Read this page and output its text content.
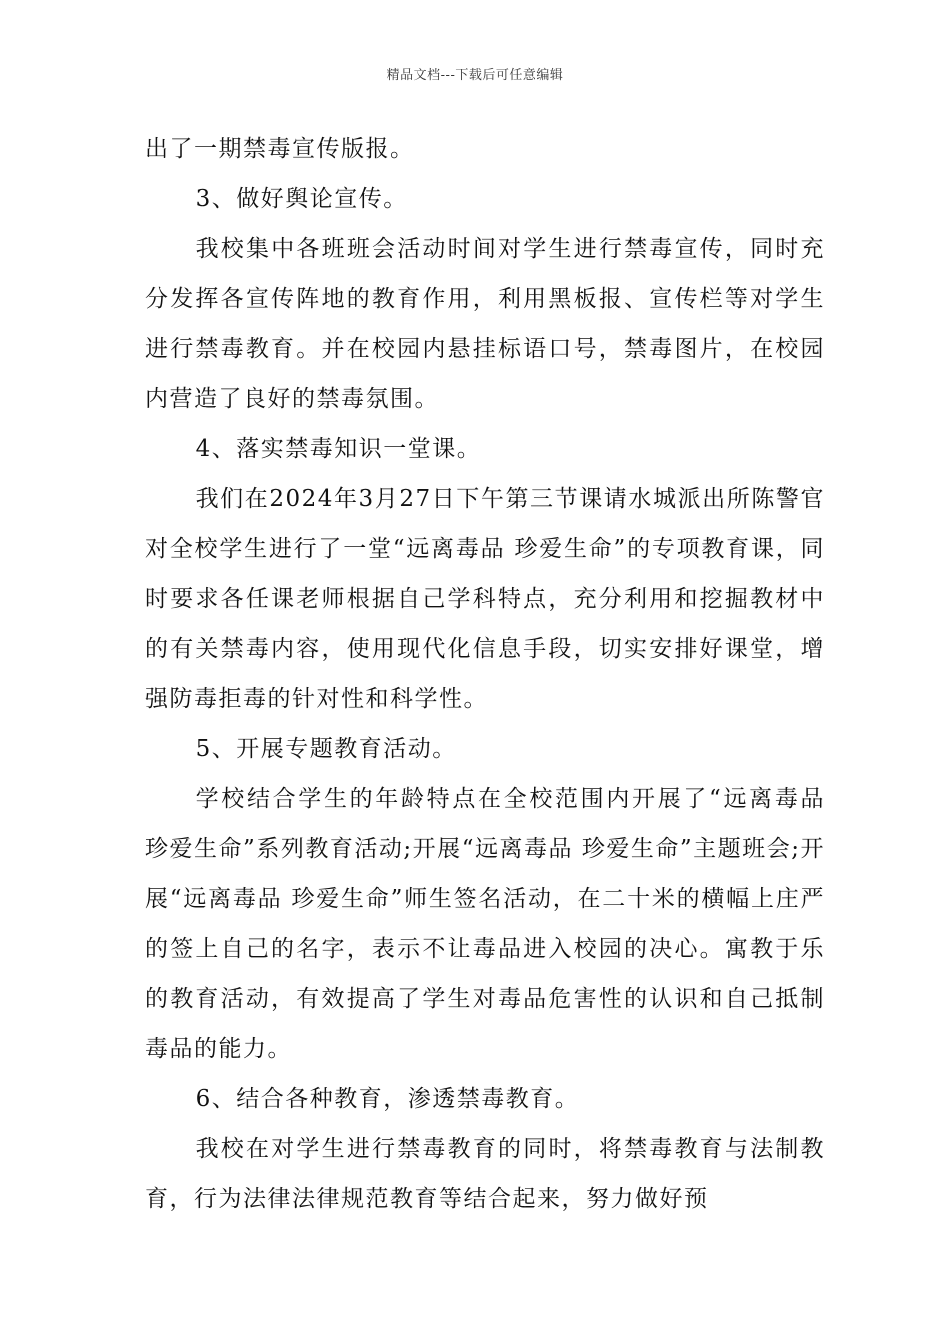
精品文档---下载后可任意编辑

出了一期禁毒宣传版报。

3、做好舆论宣传。

我校集中各班班会活动时间对学生进行禁毒宣传，同时充分发挥各宣传阵地的教育作用，利用黑板报、宣传栏等对学生进行禁毒教育。并在校园内悬挂标语口号，禁毒图片，在校园内营造了良好的禁毒氛围。

4、落实禁毒知识一堂课。

我们在2024年3月27日下午第三节课请水城派出所陈警官对全校学生进行了一堂“远离毒品 珍爱生命”的专项教育课，同时要求各任课老师根据自己学科特点，充分利用和挖掘教材中的有关禁毒内容，使用现代化信息手段，切实安排好课堂，增强防毒拒毒的针对性和科学性。

5、开展专题教育活动。

学校结合学生的年龄特点在全校范围内开展了“远离毒品 珍爱生命”系列教育活动;开展“远离毒品 珍爱生命”主题班会;开展“远离毒品 珍爱生命”师生签名活动，在二十米的横幅上庄严的签上自己的名字，表示不让毒品进入校园的决心。寓教于乐的教育活动，有效提高了学生对毒品危害性的认识和自己抵制毒品的能力。

6、结合各种教育，渗透禁毒教育。

我校在对学生进行禁毒教育的同时，将禁毒教育与法制教育，行为法律法律规范教育等结合起来，努力做好预
